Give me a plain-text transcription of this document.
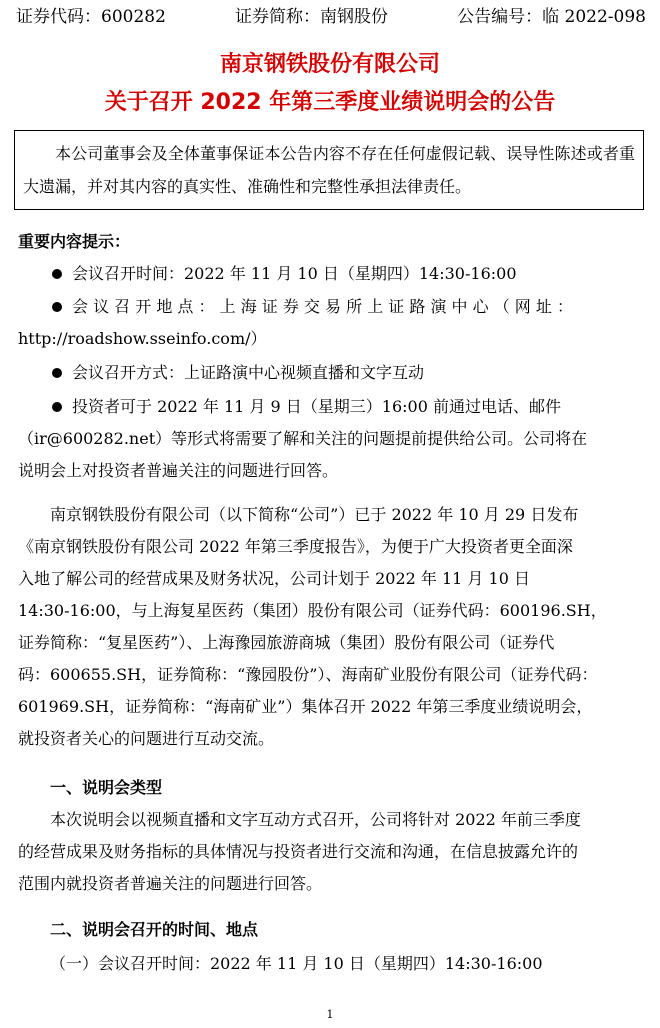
证券代码：600282	证券简称：南钢股份	公告编号：临 2022-098
南京钢铁股份有限公司
关于召开 2022 年第三季度业绩说明会的公告

本公司董事会及全体董事保证本公告内容不存在任何虚假记载、误导性陈述或者重大遗漏，并对其内容的真实性、准确性和完整性承担法律责任。

重要内容提示：
会议召开时间：2022 年 11 月 10 日（星期四）14:30-16:00
会 议 召 开 地 点 ： 上 海 证 券 交 易 所 上 证 路 演 中 心 （ 网 址 ：
http://roadshow.sseinfo.com/）
会议召开方式：上证路演中心视频直播和文字互动
投资者可于 2022 年 11 月 9 日（星期三）16:00 前通过电话、邮件
（ir@600282.net）等形式将需要了解和关注的问题提前提供给公司。公司将在
说明会上对投资者普遍关注的问题进行回答。
南京钢铁股份有限公司（以下简称“公司”）已于 2022 年 10 月 29 日发布
《南京钢铁股份有限公司 2022 年第三季度报告》，为便于广大投资者更全面深
入地了解公司的经营成果及财务状况，公司计划于 2022 年 11 月 10 日
14:30-16:00，与上海复星医药（集团）股份有限公司（证券代码：600196.SH，
证券简称：“复星医药”）、上海豫园旅游商城（集团）股份有限公司（证券代
码：600655.SH，证券简称：“豫园股份”）、海南矿业股份有限公司（证券代码：
601969.SH，证券简称：“海南矿业”）集体召开 2022 年第三季度业绩说明会，
就投资者关心的问题进行互动交流。
一、说明会类型
本次说明会以视频直播和文字互动方式召开，公司将针对 2022 年前三季度
的经营成果及财务指标的具体情况与投资者进行交流和沟通，在信息披露允许的
范围内就投资者普遍关注的问题进行回答。
二、说明会召开的时间、地点
（一）会议召开时间：2022 年 11 月 10 日（星期四）14:30-16:00
1
